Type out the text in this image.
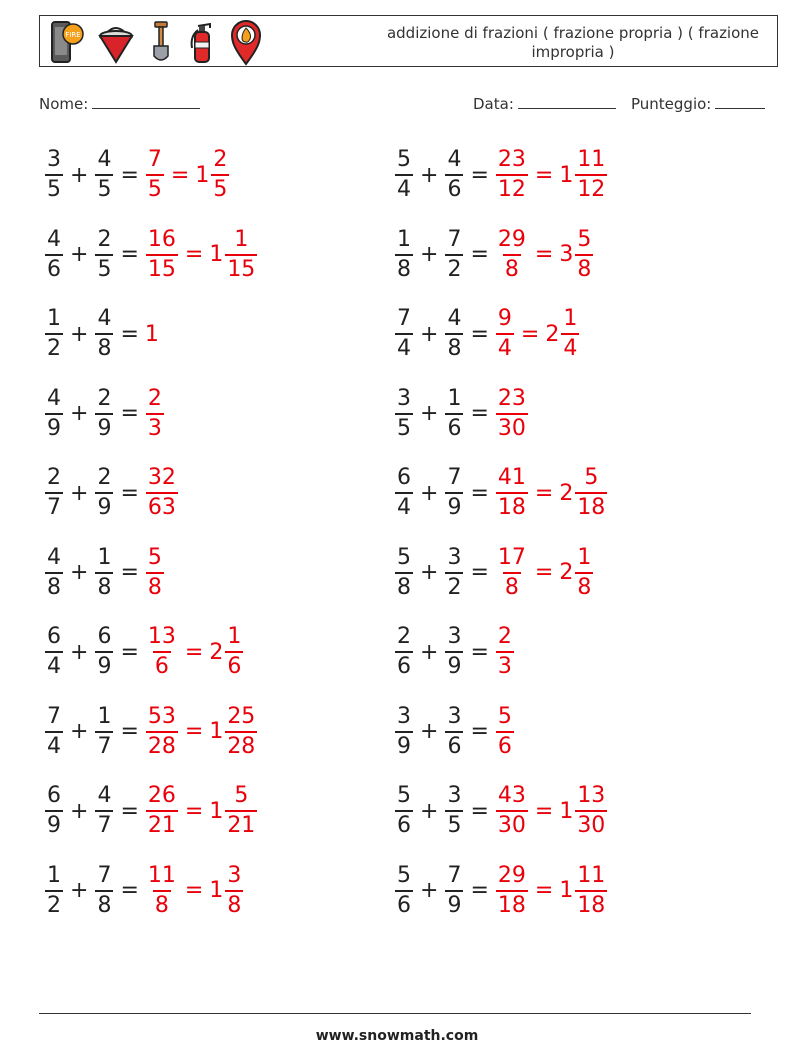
FIRE	addizione di frazioni ( frazione propria ) ( frazione impropria )
Nome:	Data:	Punteggio:
$\frac{3}{5} + \frac{4}{5} = \frac{7}{5} = 1 \frac{2}{5}$	$\frac{5}{4} + \frac{4}{6} = \frac{23}{12} = 1 \frac{11}{12}$
$\frac{4}{6} + \frac{2}{5} = \frac{16}{15} = 1 \frac{1}{15}$	$\frac{1}{8} + \frac{7}{2} = \frac{29}{8} = 3 \frac{5}{8}$
$\frac{1}{2} + \frac{4}{8} = 1$	$\frac{7}{4} + \frac{4}{8} = \frac{9}{4} = 2 \frac{1}{4}$
$\frac{4}{9} + \frac{2}{9} = \frac{2}{3}$	$\frac{3}{5} + \frac{1}{6} = \frac{23}{30}$
$\frac{2}{7} + \frac{2}{9} = \frac{32}{63}$	$\frac{6}{4} + \frac{7}{9} = \frac{41}{18} = 2 \frac{5}{18}$
$\frac{4}{8} + \frac{1}{8} = \frac{5}{8}$	$\frac{5}{8} + \frac{3}{2} = \frac{17}{8} = 2 \frac{1}{8}$
$\frac{6}{4} + \frac{6}{9} = \frac{13}{6} = 2 \frac{1}{6}$	$\frac{2}{6} + \frac{3}{9} = \frac{2}{3}$
$\frac{7}{4} + \frac{1}{7} = \frac{53}{28} = 1 \frac{25}{28}$	$\frac{3}{9} + \frac{3}{6} = \frac{5}{6}$
$\frac{6}{9} + \frac{4}{7} = \frac{26}{21} = 1 \frac{5}{21}$	$\frac{5}{6} + \frac{3}{5} = \frac{43}{30} = 1 \frac{13}{30}$
$\frac{1}{2} + \frac{7}{8} = \frac{11}{8} = 1 \frac{3}{8}$	$\frac{5}{6} + \frac{7}{9} = \frac{29}{18} = 1 \frac{11}{18}$
www.snowmath.com
